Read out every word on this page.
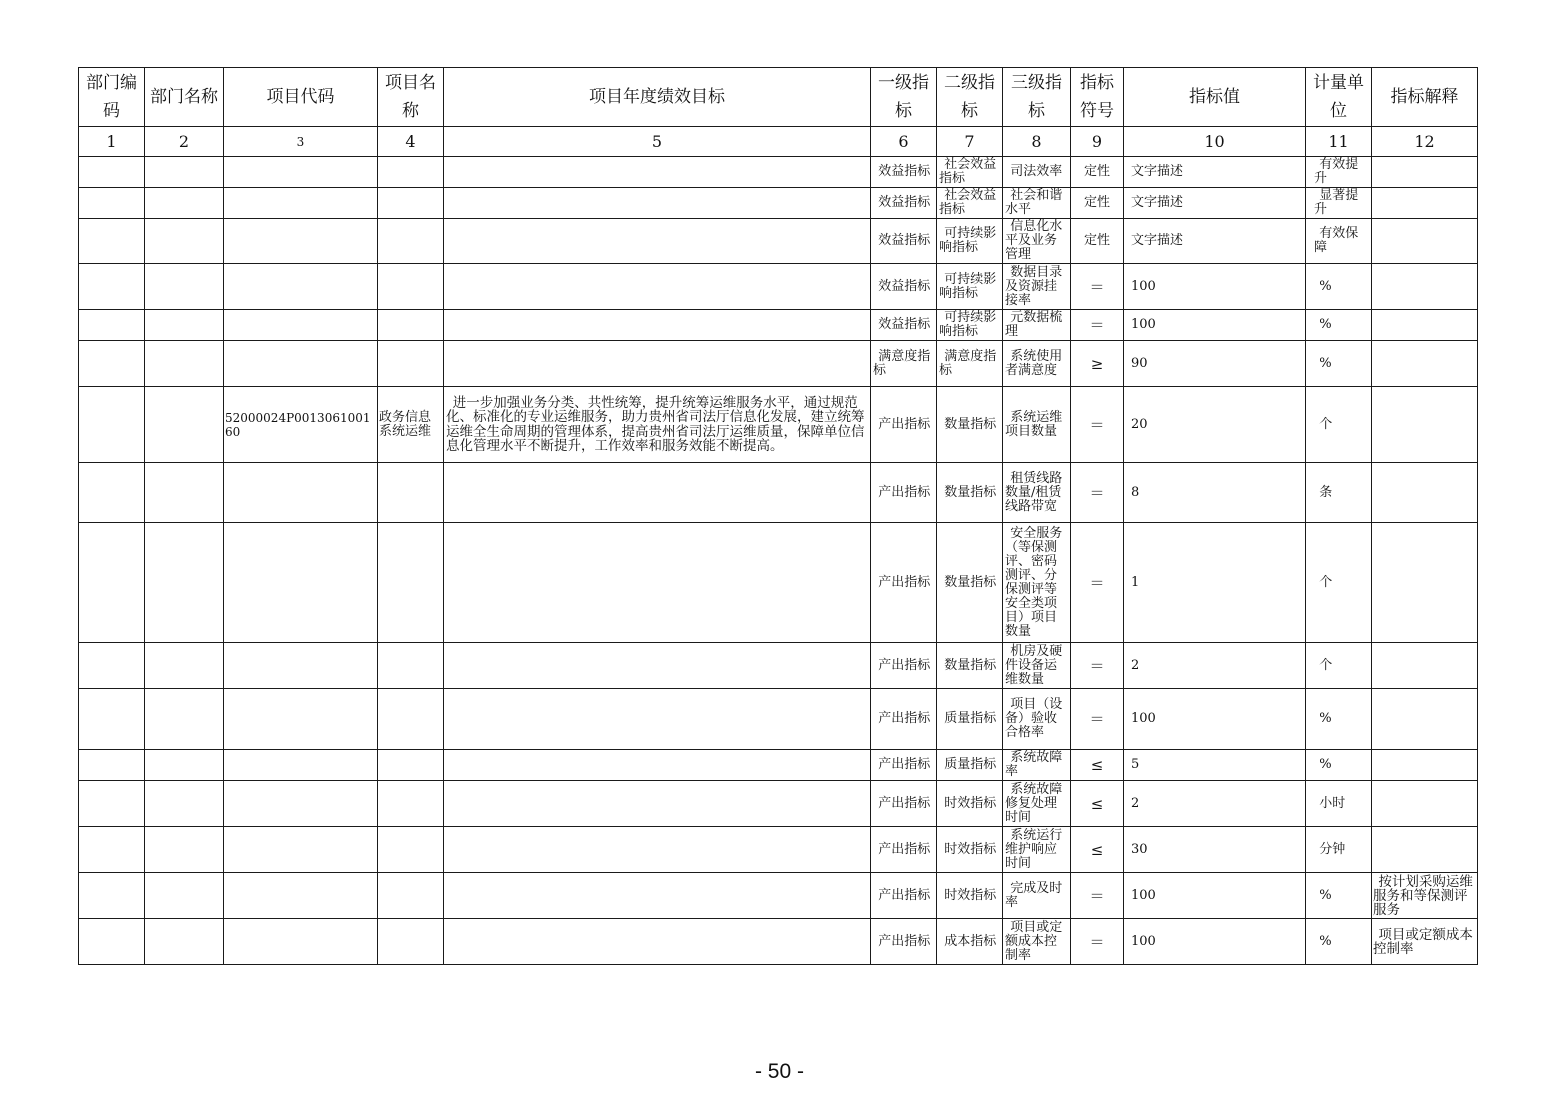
部门编码	部门名称	项目代码	项目名称	项目年度绩效目标	一级指标	二级指标	三级指标	指标符号	指标值	计量单位	指标解释
1	2	3	4	5	6	7	8	9	10	11	12
					效益指标	社会效益指标	司法效率	定性	文字描述	有效提升	
					效益指标	社会效益指标	社会和谐水平	定性	文字描述	显著提升	
					效益指标	可持续影响指标	信息化水平及业务管理	定性	文字描述	有效保障	
					效益指标	可持续影响指标	数据目录及资源挂接率	＝	100	%	
					效益指标	可持续影响指标	元数据梳理	＝	100	%	
					满意度指标	满意度指标	系统使用者满意度	≥	90	%	
		52000024P001306100160	政务信息系统运维	进一步加强业务分类、共性统筹，提升统筹运维服务水平，通过规范化、标准化的专业运维服务，助力贵州省司法厅信息化发展，建立统筹运维全生命周期的管理体系，提高贵州省司法厅运维质量，保障单位信息化管理水平不断提升，工作效率和服务效能不断提高。	产出指标	数量指标	系统运维项目数量	＝	20	个	
					产出指标	数量指标	租赁线路数量/租赁线路带宽	＝	8	条	
					产出指标	数量指标	安全服务（等保测评、密码测评、分保测评等安全类项目）项目数量	＝	1	个	
					产出指标	数量指标	机房及硬件设备运维数量	＝	2	个	
					产出指标	质量指标	项目（设备）验收合格率	＝	100	%	
					产出指标	质量指标	系统故障率	≤	5	%	
					产出指标	时效指标	系统故障修复处理时间	≤	2	小时	
					产出指标	时效指标	系统运行维护响应时间	≤	30	分钟	
					产出指标	时效指标	完成及时率	＝	100	%	按计划采购运维服务和等保测评服务
					产出指标	成本指标	项目或定额成本控制率	＝	100	%	项目或定额成本控制率
- 50 -
